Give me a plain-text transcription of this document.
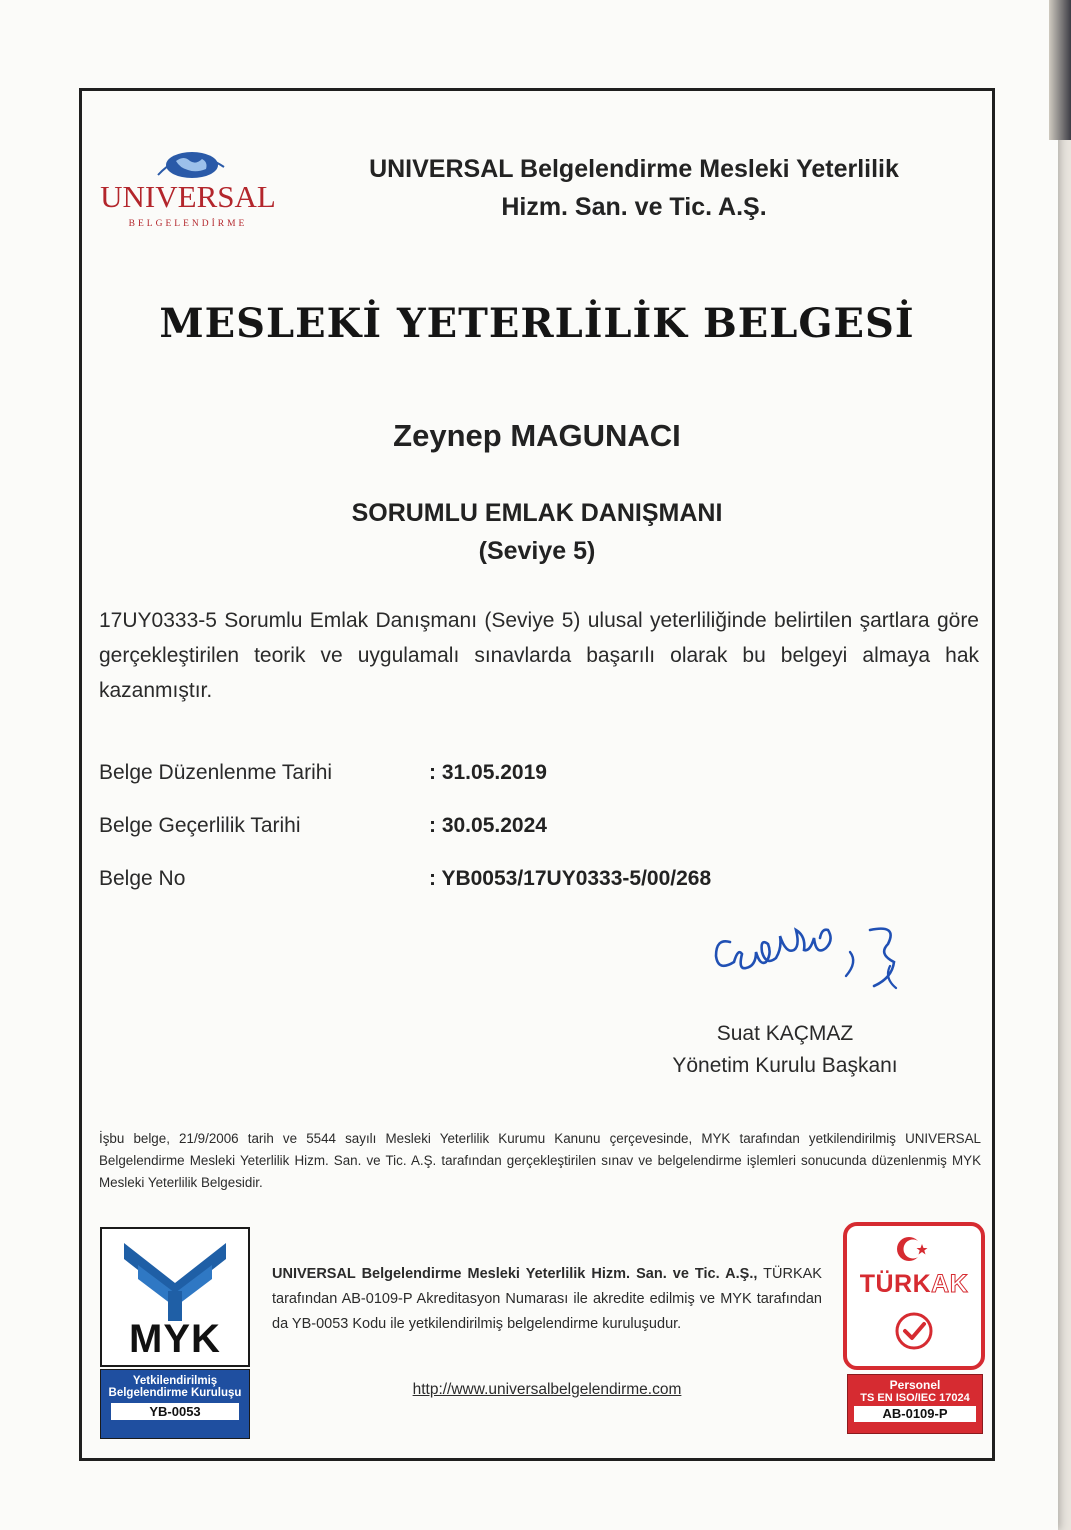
UNIVERSAL
BELGELENDİRME
UNIVERSAL Belgelendirme Mesleki Yeterlilik
Hizm. San. ve Tic. A.Ş.
MESLEKİ YETERLİLİK BELGESİ
Zeynep MAGUNACI
SORUMLU EMLAK DANIŞMANI
(Seviye 5)
17UY0333-5 Sorumlu Emlak Danışmanı (Seviye 5) ulusal yeterliliğinde belirtilen şartlara göre gerçekleştirilen teorik ve uygulamalı sınavlarda başarılı olarak bu belgeyi almaya hak kazanmıştır.
Belge Düzenlenme Tarihi	: 31.05.2019
Belge Geçerlilik Tarihi	: 30.05.2024
Belge No	: YB0053/17UY0333-5/00/268
Suat KAÇMAZ
Yönetim Kurulu Başkanı
İşbu belge, 21/9/2006 tarih ve 5544 sayılı Mesleki Yeterlilik Kurumu Kanunu çerçevesinde, MYK tarafından yetkilendirilmiş UNIVERSAL Belgelendirme Mesleki Yeterlilik Hizm. San. ve Tic. A.Ş. tarafından gerçekleştirilen sınav ve belgelendirme işlemleri sonucunda düzenlenmiş MYK Mesleki Yeterlilik Belgesidir.
MYK
Yetkilendirilmiş
Belgelendirme Kuruluşu
YB-0053
UNIVERSAL Belgelendirme Mesleki Yeterlilik Hizm. San. ve Tic. A.Ş., TÜRKAK tarafından AB-0109-P Akreditasyon Numarası ile akredite edilmiş ve MYK tarafından da YB-0053 Kodu ile yetkilendirilmiş belgelendirme kuruluşudur.
http://www.universalbelgelendirme.com
TÜRKAK
Personel
TS EN ISO/IEC 17024
AB-0109-P
